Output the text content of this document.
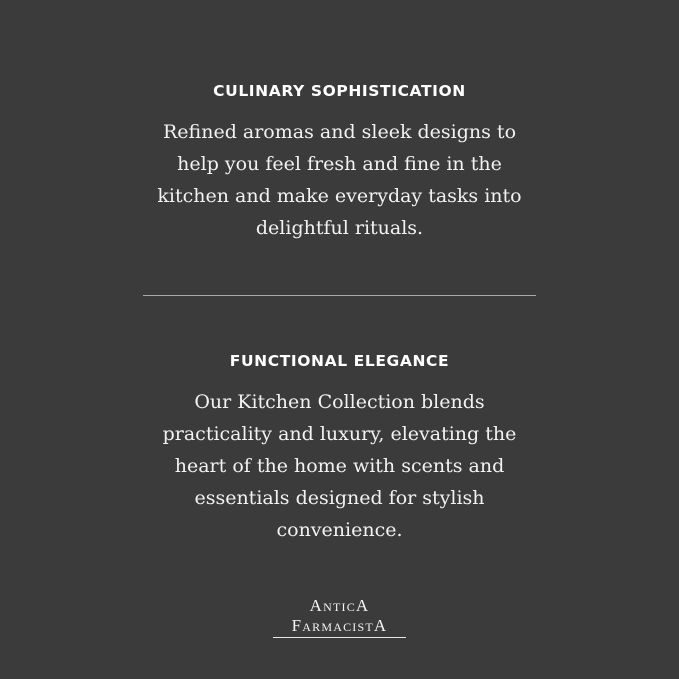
CULINARY SOPHISTICATION
Refined aromas and sleek designs to
help you feel fresh and fine in the
kitchen and make everyday tasks into
delightful rituals.
FUNCTIONAL ELEGANCE
Our Kitchen Collection blends
practicality and luxury, elevating the
heart of the home with scents and
essentials designed for stylish
convenience.
AnticA
FarmacistA
